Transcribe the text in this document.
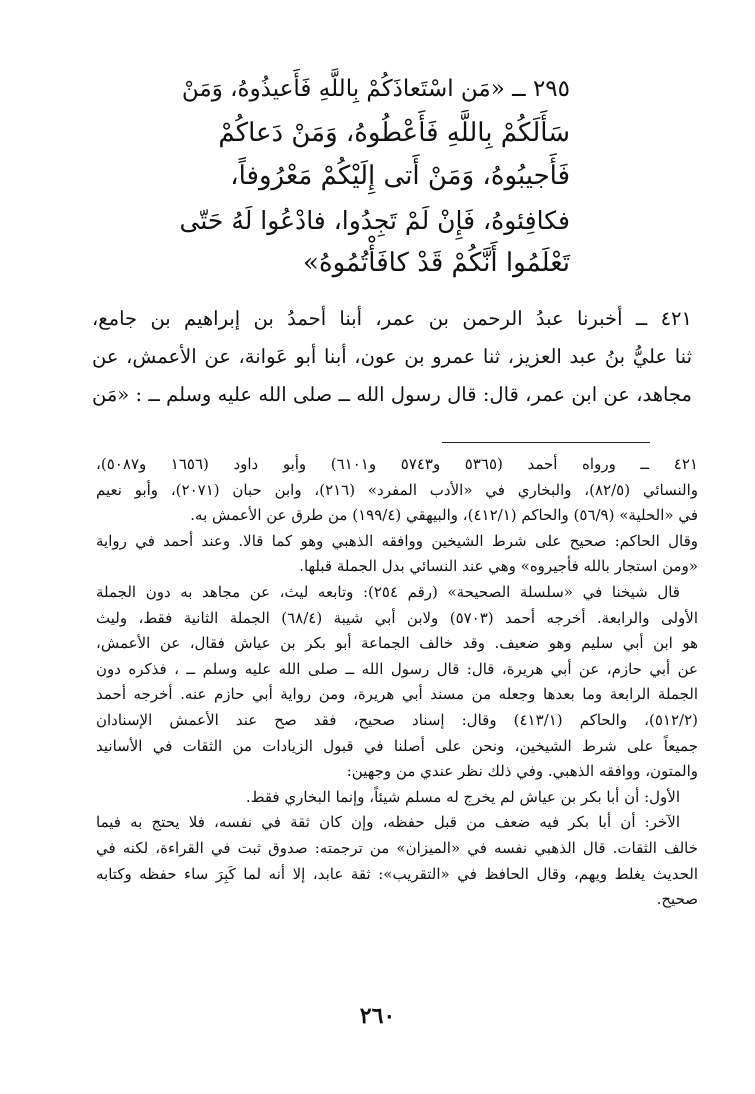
٢٩٥ ــ «مَن اسْتَعاذَكُمْ بِاللَّهِ فَأَعيذُوهُ، وَمَنْ
سَأَلَكُمْ بِاللَّهِ فَأَعْطُوهُ، وَمَنْ دَعاكُمْ
فَأَجيبُوهُ، وَمَنْ أَتى إِلَيْكُمْ مَعْرُوفاً،
فكافِئوهُ، فَإِنْ لَمْ تَجِدُوا، فادْعُوا لَهُ حَتّى
تَعْلَمُوا أَنَّكُمْ قَدْ كافَأْتُمُوهُ»
٤٢١ ــ أخبرنا عبدُ الرحمن بن عمر، أبنا أحمدُ بن إبراهيم بن جامع،
ثنا عليُّ بنُ عبد العزيز، ثنا عمرو بن عون، أبنا أبو عَوانة، عن الأعمش، عن
مجاهد، عن ابن عمر، قال: قال رسول الله ــ صلى الله عليه وسلم ــ : «مَن
٤٢١ ــ ورواه أحمد (٥٣٦٥ و٥٧٤٣ و٦١٠١) وأبو داود (١٦٥٦ و٥٠٨٧)،
والنسائي (٨٢/٥)، والبخاري في «الأدب المفرد» (٢١٦)، وابن حبان (٢٠٧١)، وأبو نعيم
في «الحلية» (٥٦/٩) والحاكم (٤١٢/١)، والبيهقي (١٩٩/٤) من طرق عن الأعمش به.
وقال الحاكم: صحيح على شرط الشيخين ووافقه الذهبي وهو كما قالا. وعند أحمد في رواية
«ومن استجار بالله فأجيروه» وهي عند النسائي بدل الجملة قبلها.
قال شيخنا في «سلسلة الصحيحة» (رقم ٢٥٤): وتابعه ليث، عن مجاهد به دون الجملة
الأولى والرابعة. أخرجه أحمد (٥٧٠٣) ولابن أبي شيبة (٦٨/٤) الجملة الثانية فقط، وليث
هو ابن أبي سليم وهو ضعيف. وقد خالف الجماعة أبو بكر بن عياش فقال، عن الأعمش،
عن أبي حازم، عن أبي هريرة، قال: قال رسول الله ــ صلى الله عليه وسلم ــ ، فذكره دون
الجملة الرابعة وما بعدها وجعله من مسند أبي هريرة، ومن رواية أبي حازم عنه. أخرجه أحمد
(٥١٢/٢)، والحاكم (٤١٣/١) وقال: إسناد صحيح، فقد صح عند الأعمش الإسنادان
جميعاً على شرط الشيخين، ونحن على أصلنا في قبول الزيادات من الثقات في الأسانيد
والمتون، ووافقه الذهبي. وفي ذلك نظر عندي من وجهين:
الأول: أن أبا بكر بن عياش لم يخرج له مسلم شيئاً، وإنما البخاري فقط.
الآخر: أن أبا بكر فيه ضعف من قبل حفظه، وإن كان ثقة في نفسه، فلا يحتج به فيما
خالف الثقات. قال الذهبي نفسه في «الميزان» من ترجمته: صدوق ثبت في القراءة، لكنه في
الحديث يغلط ويهم، وقال الحافظ في «التقريب»: ثقة عابد، إلا أنه لما كَبِرَ ساء حفظه وكتابه
صحيح.
٢٦٠
